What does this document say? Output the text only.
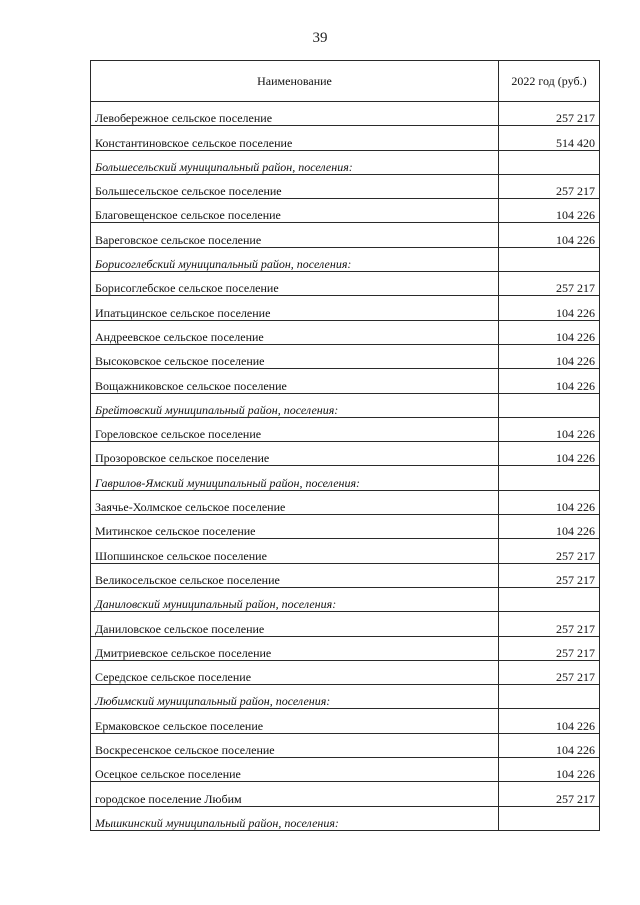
39
Наименование	2022 год (руб.)
Левобережное сельское поселение	257 217
Константиновское сельское поселение	514 420
Большесельский муниципальный район, поселения:	
Большесельское сельское поселение	257 217
Благовещенское сельское поселение	104 226
Вареговское сельское поселение	104 226
Борисоглебский муниципальный район, поселения:	
Борисоглебское сельское поселение	257 217
Ипатьцинское сельское поселение	104 226
Андреевское сельское поселение	104 226
Высоковское сельское поселение	104 226
Вощажниковское сельское поселение	104 226
Брейтовский муниципальный район, поселения:	
Гореловское сельское поселение	104 226
Прозоровское сельское поселение	104 226
Гаврилов-Ямский муниципальный район, поселения:	
Заячье-Холмское сельское поселение	104 226
Митинское сельское поселение	104 226
Шопшинское сельское поселение	257 217
Великосельское сельское поселение	257 217
Даниловский муниципальный район, поселения:	
Даниловское сельское поселение	257 217
Дмитриевское сельское поселение	257 217
Середское сельское поселение	257 217
Любимский муниципальный район, поселения:	
Ермаковское сельское поселение	104 226
Воскресенское сельское поселение	104 226
Осецкое сельское поселение	104 226
городское поселение Любим	257 217
Мышкинский муниципальный район, поселения:	
